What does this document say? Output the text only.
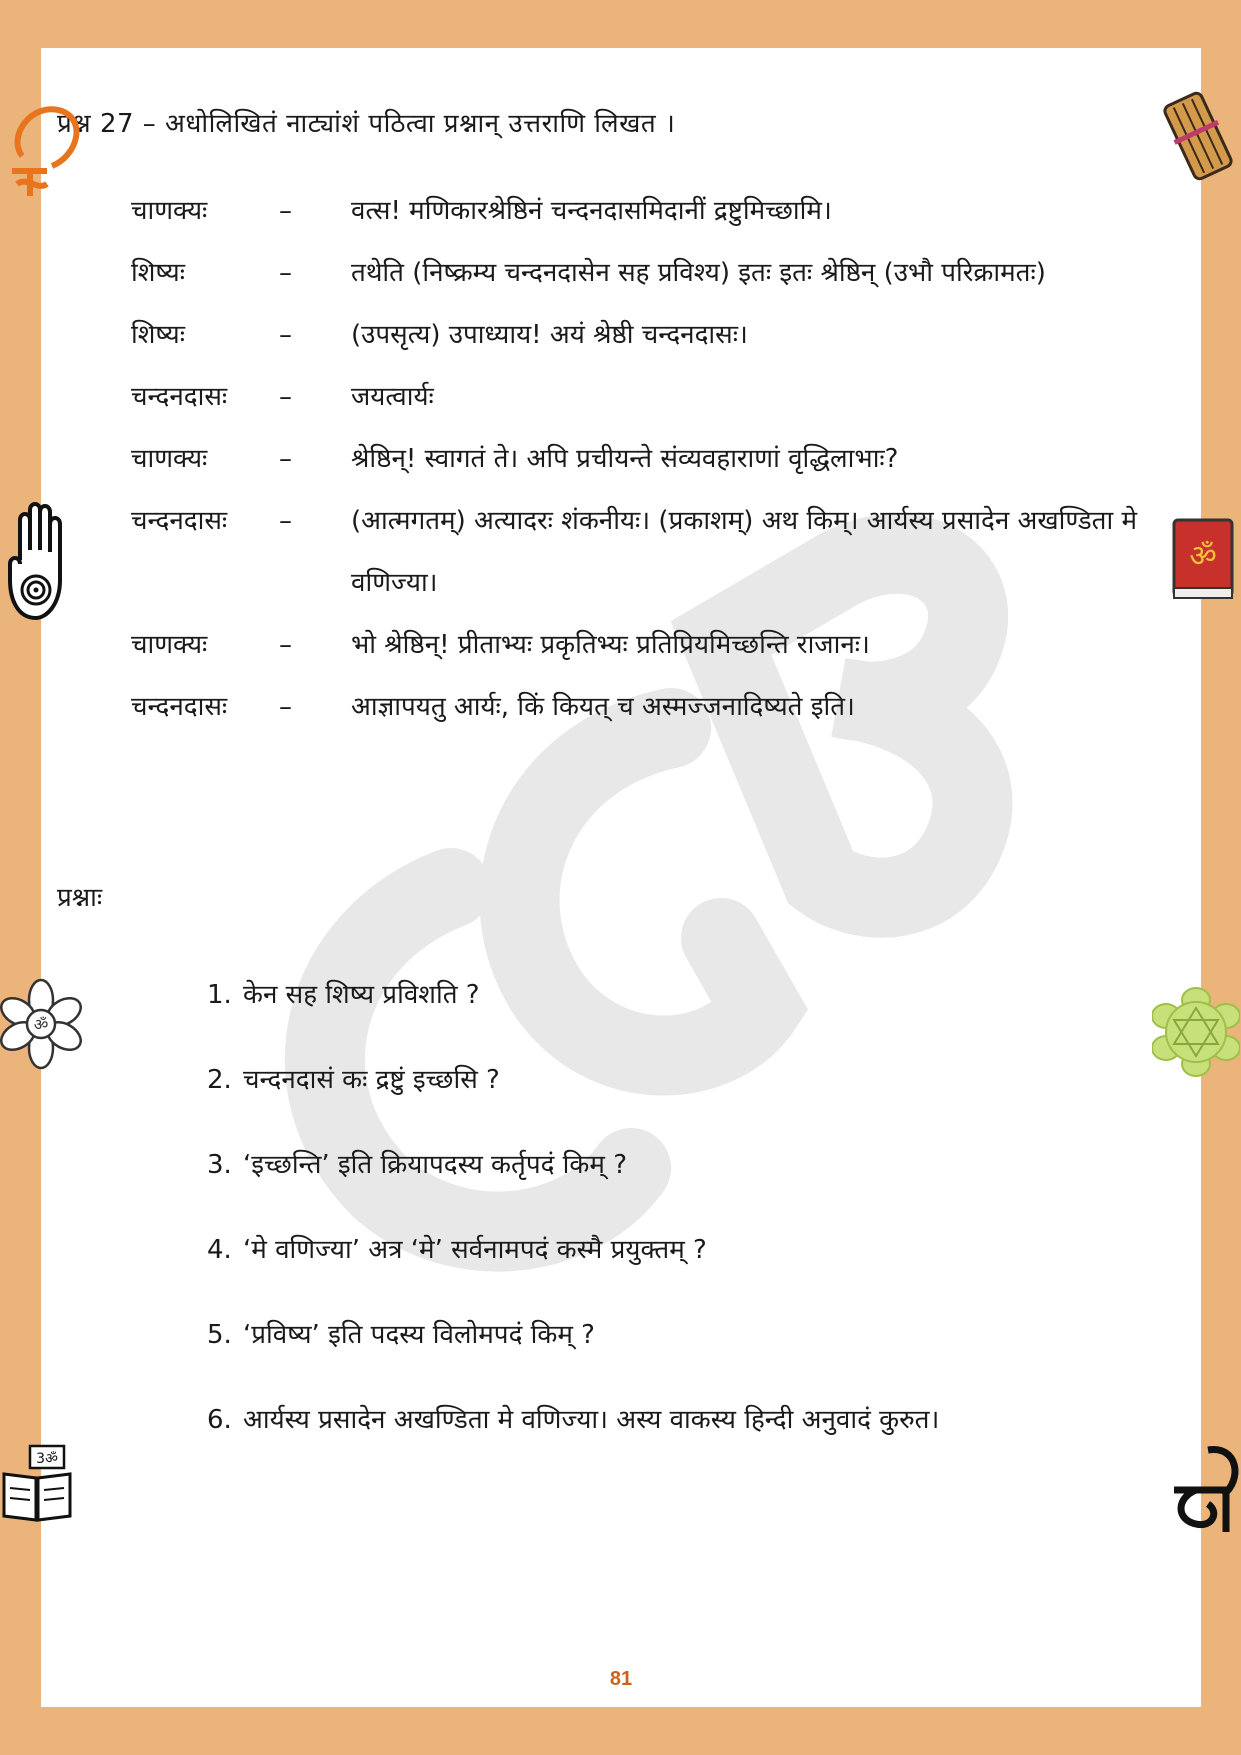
प्रश्न 27 – अधोलिखितं नाट्यांशं पठित्वा प्रश्नान् उत्तराणि लिखत ।
चाणक्यः	–	वत्स! मणिकारश्रेष्ठिनं चन्दनदासमिदानीं द्रष्टुमिच्छामि।
शिष्यः	–	तथेति (निष्क्रम्य चन्दनदासेन सह प्रविश्य) इतः इतः श्रेष्ठिन् (उभौ परिक्रामतः)
शिष्यः	–	(उपसृत्य) उपाध्याय! अयं श्रेष्ठी चन्दनदासः।
चन्दनदासः	–	जयत्वार्यः
चाणक्यः	–	श्रेष्ठिन्! स्वागतं ते। अपि प्रचीयन्ते संव्यवहाराणां वृद्धिलाभाः?
चन्दनदासः	–	(आत्मगतम्) अत्यादरः शंकनीयः। (प्रकाशम्) अथ किम्। आर्यस्य प्रसादेन अखण्डिता मे वणिज्या।
चाणक्यः	–	भो श्रेष्ठिन्! प्रीताभ्यः प्रकृतिभ्यः प्रतिप्रियमिच्छन्ति राजानः।
चन्दनदासः	–	आज्ञापयतु आर्यः, किं कियत् च अस्मज्जनादिष्यते इति।
प्रश्नाः
1. केन सह शिष्य प्रविशति ?
2. चन्दनदासं कः द्रष्टुं इच्छसि ?
3. ‘इच्छन्ति’ इति क्रियापदस्य कर्तृपदं किम् ?
4. ‘मे वणिज्या’ अत्र ‘मे’ सर्वनामपदं कस्मै प्रयुक्तम् ?
5. ‘प्रविष्य’ इति पदस्य विलोमपदं किम् ?
6. आर्यस्य प्रसादेन अखण्डिता मे वणिज्या। अस्य वाकस्य हिन्दी अनुवादं कुरुत।
81
ॐ
ॐ
3ॐ
